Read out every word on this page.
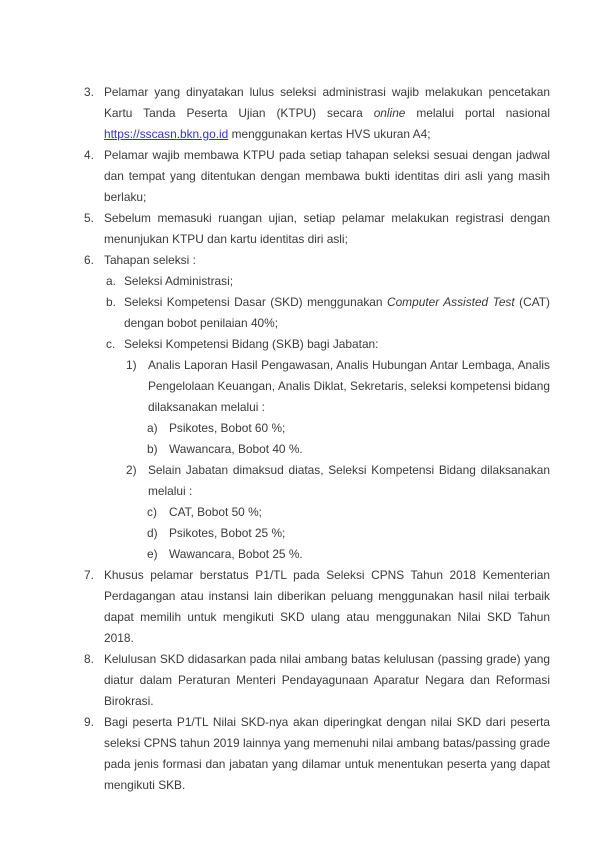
3. Pelamar yang dinyatakan lulus seleksi administrasi wajib melakukan pencetakan Kartu Tanda Peserta Ujian (KTPU) secara online melalui portal nasional https://sscasn.bkn.go.id menggunakan kertas HVS ukuran A4;
4. Pelamar wajib membawa KTPU pada setiap tahapan seleksi sesuai dengan jadwal dan tempat yang ditentukan dengan membawa bukti identitas diri asli yang masih berlaku;
5. Sebelum memasuki ruangan ujian, setiap pelamar melakukan registrasi dengan menunjukan KTPU dan kartu identitas diri asli;
6. Tahapan seleksi :
a. Seleksi Administrasi;
b. Seleksi Kompetensi Dasar (SKD) menggunakan Computer Assisted Test (CAT) dengan bobot penilaian 40%;
c. Seleksi Kompetensi Bidang (SKB) bagi Jabatan:
1) Analis Laporan Hasil Pengawasan, Analis Hubungan Antar Lembaga, Analis Pengelolaan Keuangan, Analis Diklat, Sekretaris, seleksi kompetensi bidang dilaksanakan melalui :
a) Psikotes, Bobot 60 %;
b) Wawancara, Bobot 40 %.
2) Selain Jabatan dimaksud diatas, Seleksi Kompetensi Bidang dilaksanakan melalui :
c)	CAT, Bobot 50 %;
d) Psikotes, Bobot 25 %;
e) Wawancara, Bobot 25 %.
7. Khusus pelamar berstatus P1/TL pada Seleksi CPNS Tahun 2018 Kementerian Perdagangan atau instansi lain diberikan peluang menggunakan hasil nilai terbaik dapat memilih untuk mengikuti SKD ulang atau menggunakan Nilai SKD Tahun 2018.
8. Kelulusan SKD didasarkan pada nilai ambang batas kelulusan (passing grade) yang diatur dalam Peraturan Menteri Pendayagunaan Aparatur Negara dan Reformasi Birokrasi.
9. Bagi peserta P1/TL Nilai SKD-nya akan diperingkat dengan nilai SKD dari peserta seleksi CPNS tahun 2019 lainnya yang memenuhi nilai ambang batas/passing grade pada jenis formasi dan jabatan yang dilamar untuk menentukan peserta yang dapat mengikuti SKB.
